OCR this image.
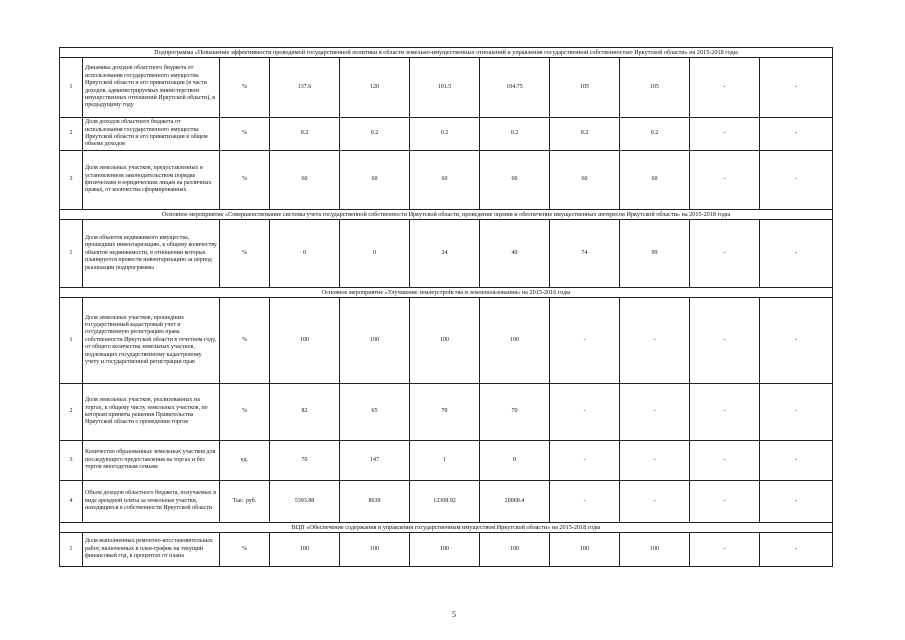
Подпрограмма «Повышение эффективности проводимой государственной политики в области земельно-имущественных отношений и управления государственной собственностью Иркутской области» на 2015-2018 годы										
1	Динамика доходов областного бюджета от использования государственного имущества Иркутской области и его приватизации (в части доходов, администрируемых министерством имущественных отношений Иркутской области), к предыдущему году	%	137.6	120	101.5	104.75	105	105	-	-
2	Доля доходов областного бюджета от использования государственного имущества Иркутской области и его приватизации в общем объеме доходов	%	0.2	0.2	0.2	0.2	0.2	0.2	-	-
3	Доля земельных участков, предоставленных в установленном законодательством порядке физическим и юридическим лицам на различных правах, от количества сформированных	%	60	60	60	60	60	60	-	-
Основное мероприятие «Совершенствование системы учета государственной собственности Иркутской области, проведение оценки и обеспечение имущественных интересов Иркутской области» на 2015-2018 годы										
1	Доля объектов недвижимого имущества, прошедших инвентаризацию, к общему количеству объектов недвижимости, в отношении которых планируется провести инвентаризацию за период реализации подпрограммы	%	0	0	24	49	74	99	-	-
Основное мероприятие «Улучшение землеустройства и землепользования» на 2015-2016 годы										
1	Доля земельных участков, прошедших государственный кадастровый учет и государственную регистрацию права собственности Иркутской области в отчетном году, от общего количества земельных участков, подлежащих государственному кадастровому учету и государственной регистрации прав	%	100	100	100	100	-	-	-	-
2	Доля земельных участков, реализованных на торгах, к общему числу земельных участков, по которым приняты решения Правительства Иркутской области о проведении торгов	%	82	65	70	70	-	-	-	-
3	Количество образованных земельных участков для последующего предоставления на торгах и без торгов многодетным семьям	ед.	70	147	1	0	-	-	-	-
4	Объем доходов областного бюджета, получаемых в виде арендной платы за земельные участки, находящиеся в собственности Иркутской области	Тыс. руб.	5393.88	8639	12308.92	20068.4	-	-	-	-
ВЦП «Обеспечение содержания и управления государственным имуществом Иркутской области» на 2015-2018 годы										
1	Доля выполненных ремонтно-восстановительных работ, включенных в план-график на текущий финансовый год, в процентах от плана	%	100	100	100	100	100	100	-	-
5
